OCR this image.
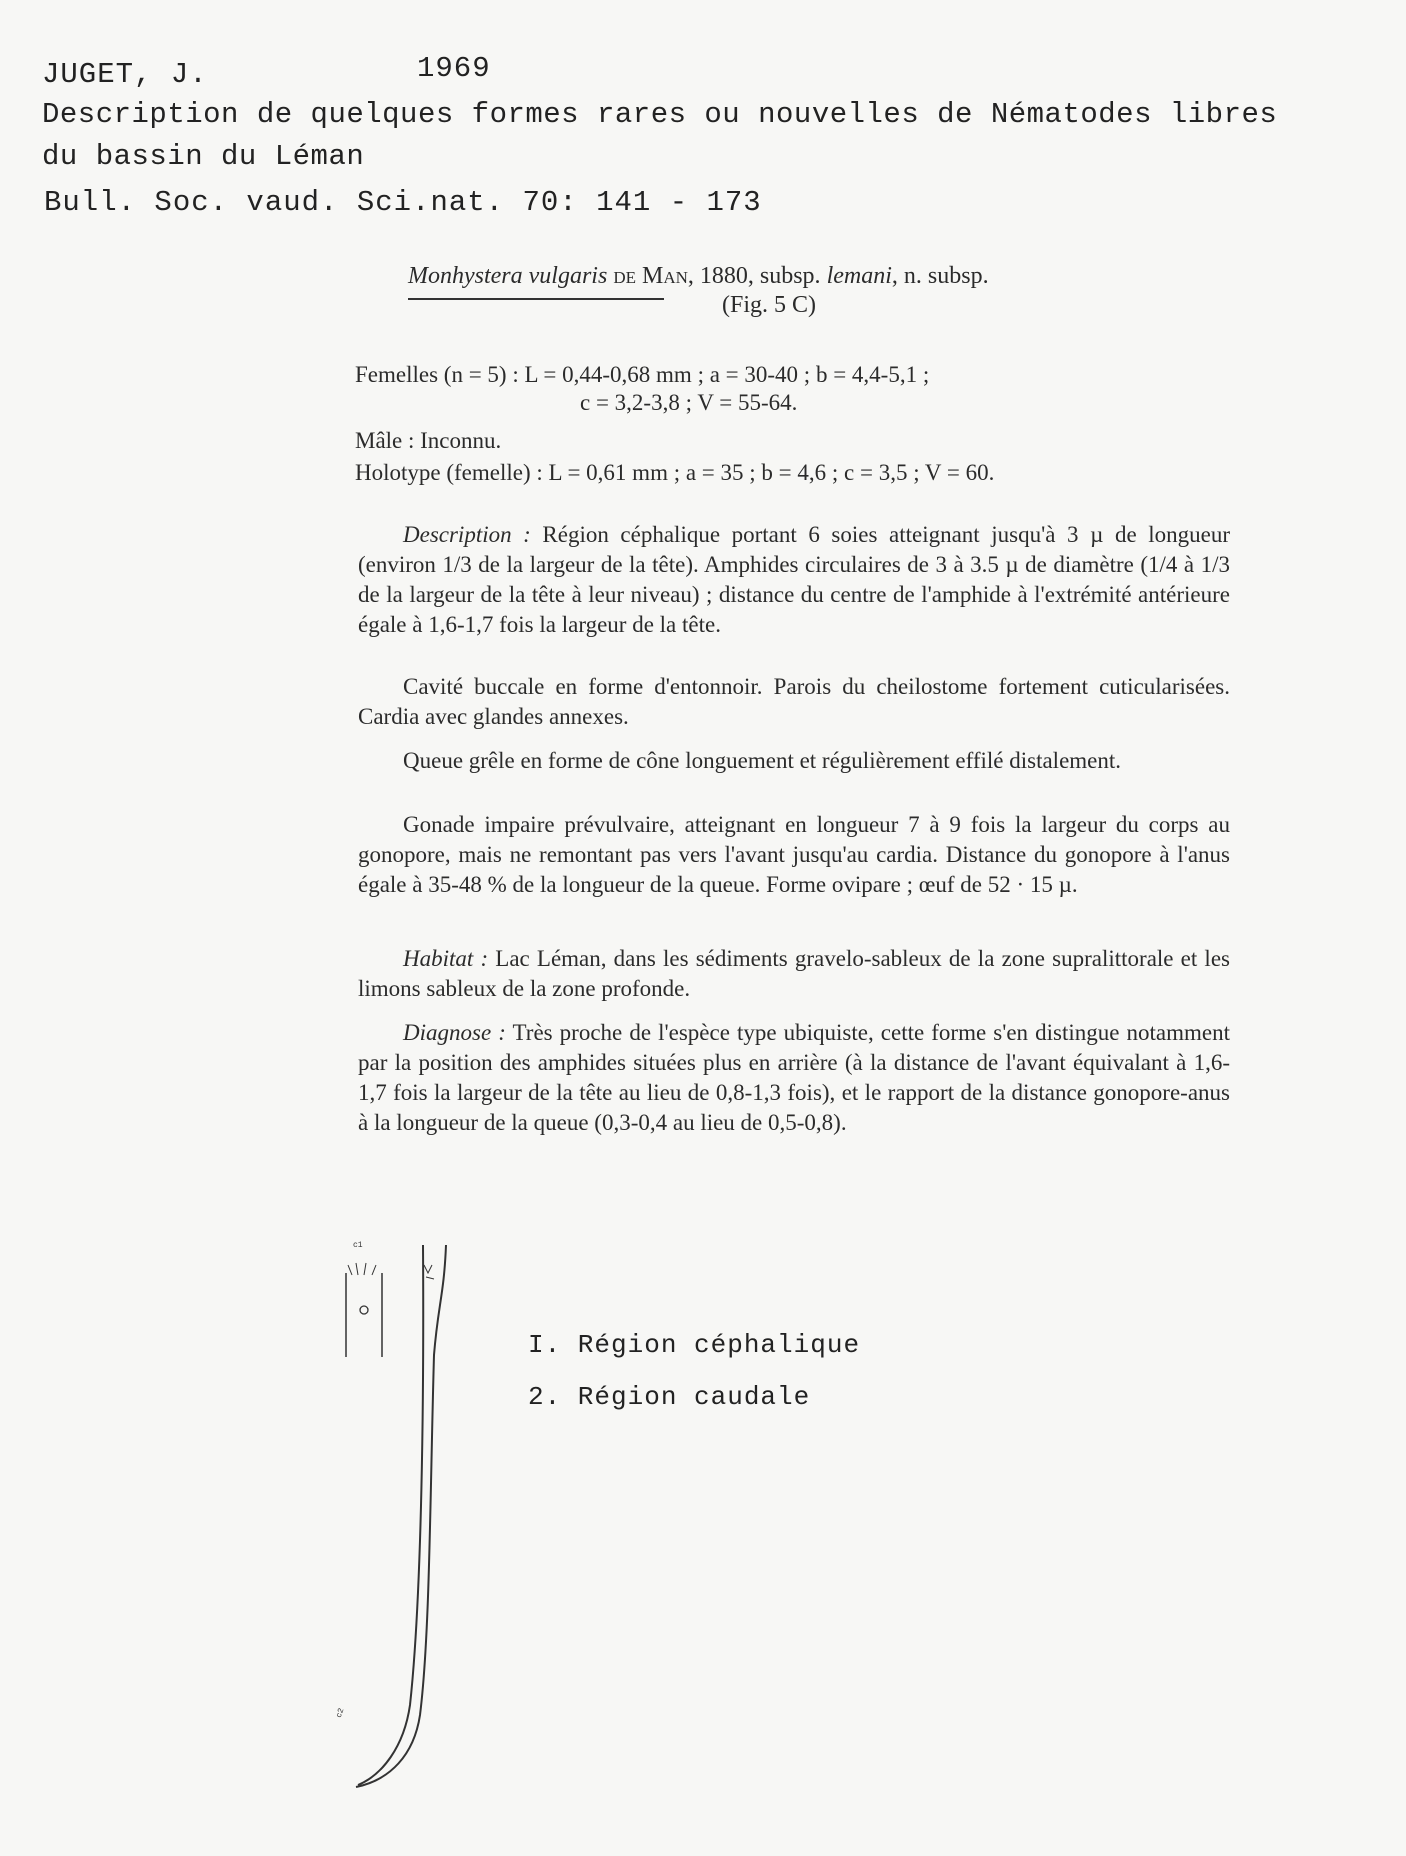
JUGET, J.	1969
Description de quelques formes rares ou nouvelles de Nématodes libres
du bassin du Léman
Bull. Soc. vaud. Sci.nat. 70: 141 - 173
Monhystera vulgaris de Man, 1880, subsp. lemani, n. subsp.
(Fig. 5 C)
Femelles (n = 5) : L = 0,44-0,68 mm ; a = 30-40 ; b = 4,4-5,1 ;
c = 3,2-3,8 ; V = 55-64.
Mâle : Inconnu.
Holotype (femelle) : L = 0,61 mm ; a = 35 ; b = 4,6 ; c = 3,5 ; V = 60.

Description : Région céphalique portant 6 soies atteignant jusqu'à 3 µ de longueur (environ 1/3 de la largeur de la tête). Amphides circulaires de 3 à 3.5 µ de diamètre (1/4 à 1/3 de la largeur de la tête à leur niveau) ; distance du centre de l'amphide à l'extrémité antérieure égale à 1,6-1,7 fois la largeur de la tête.

Cavité buccale en forme d'entonnoir. Parois du cheilostome fortement cuticularisées. Cardia avec glandes annexes.

Queue grêle en forme de cône longuement et régulièrement effilé distalement.

Gonade impaire prévulvaire, atteignant en longueur 7 à 9 fois la largeur du corps au gonopore, mais ne remontant pas vers l'avant jusqu'au cardia. Distance du gonopore à l'anus égale à 35-48 % de la longueur de la queue. Forme ovipare ; œuf de 52 · 15 µ.

Habitat : Lac Léman, dans les sédiments gravelo-sableux de la zone supralittorale et les limons sableux de la zone profonde.

Diagnose : Très proche de l'espèce type ubiquiste, cette forme s'en distingue notamment par la position des amphides situées plus en arrière (à la distance de l'avant équivalant à 1,6-1,7 fois la largeur de la tête au lieu de 0,8-1,3 fois), et le rapport de la distance gonopore-anus à la longueur de la queue (0,3-0,4 au lieu de 0,5-0,8).

c1
c2
I. Région céphalique
2. Région caudale
